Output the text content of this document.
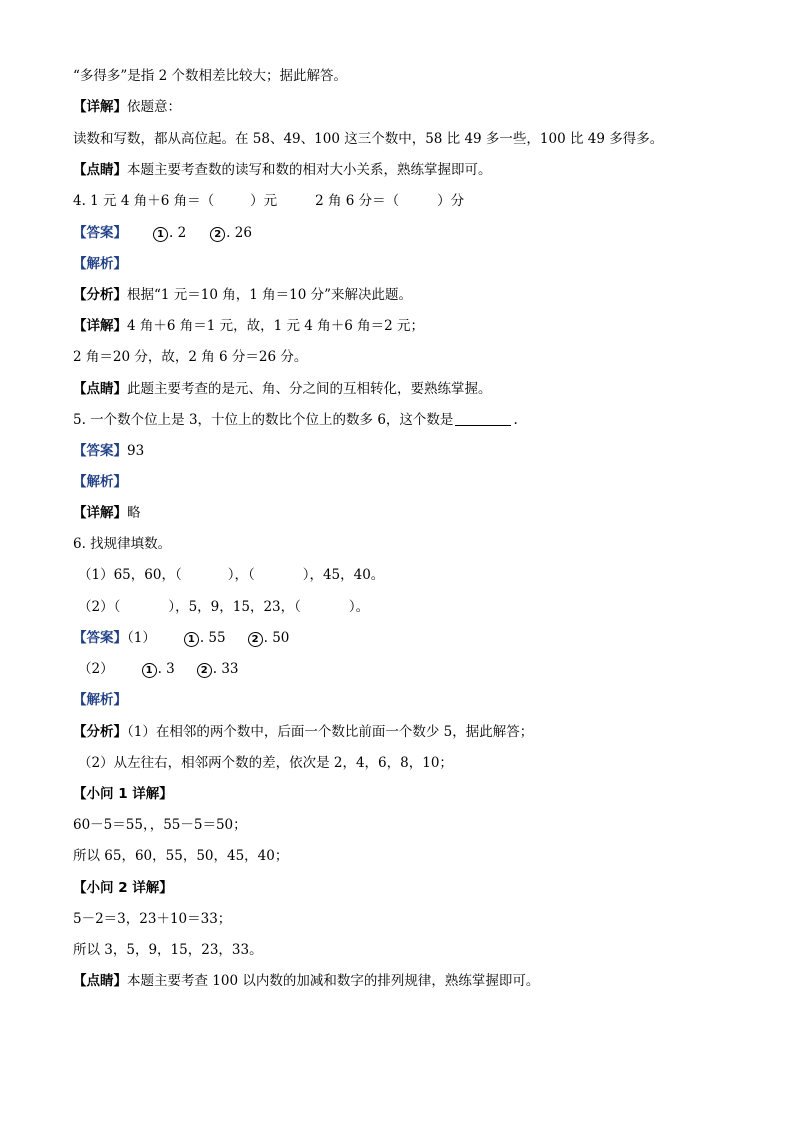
“多得多”是指 2 个数相差比较大；据此解答。
【详解】依题意：
读数和写数，都从高位起。在 58、49、100 这三个数中，58 比 49 多一些，100 比 49 多得多。
【点睛】本题主要考查数的读写和数的相对大小关系，熟练掌握即可。
4. 1 元 4 角＋6 角＝（	）元	2 角 6 分＝（	）分
【答案】	1 . 2	2 . 26
【解析】
【分析】根据“1 元＝10 角，1 角＝10 分”来解决此题。
【详解】4 角＋6 角＝1 元，故，1 元 4 角＋6 角＝2 元；
2 角＝20 分，故，2 角 6 分＝26 分。
【点睛】此题主要考查的是元、角、分之间的互相转化，要熟练掌握。
5. 一个数个位上是 3，十位上的数比个位上的数多 6，这个数是	.
【答案】93
【解析】
【详解】略
6. 找规律填数。
（1）65，60，（	），（	），45，40。
（2）（	），5，9，15，23，（	）。
【答案】（1）	1 . 55	2 . 50
（2）	1 . 3	2 . 33
【解析】
【分析】（1）在相邻的两个数中，后面一个数比前面一个数少 5，据此解答；
（2）从左往右，相邻两个数的差，依次是 2，4，6，8，10；
【小问 1 详解】
60－5＝55，，55－5＝50；
所以 65，60，55，50，45，40；
【小问 2 详解】
5－2＝3，23＋10＝33；
所以 3，5，9，15，23，33。
【点睛】本题主要考查 100 以内数的加减和数字的排列规律，熟练掌握即可。
